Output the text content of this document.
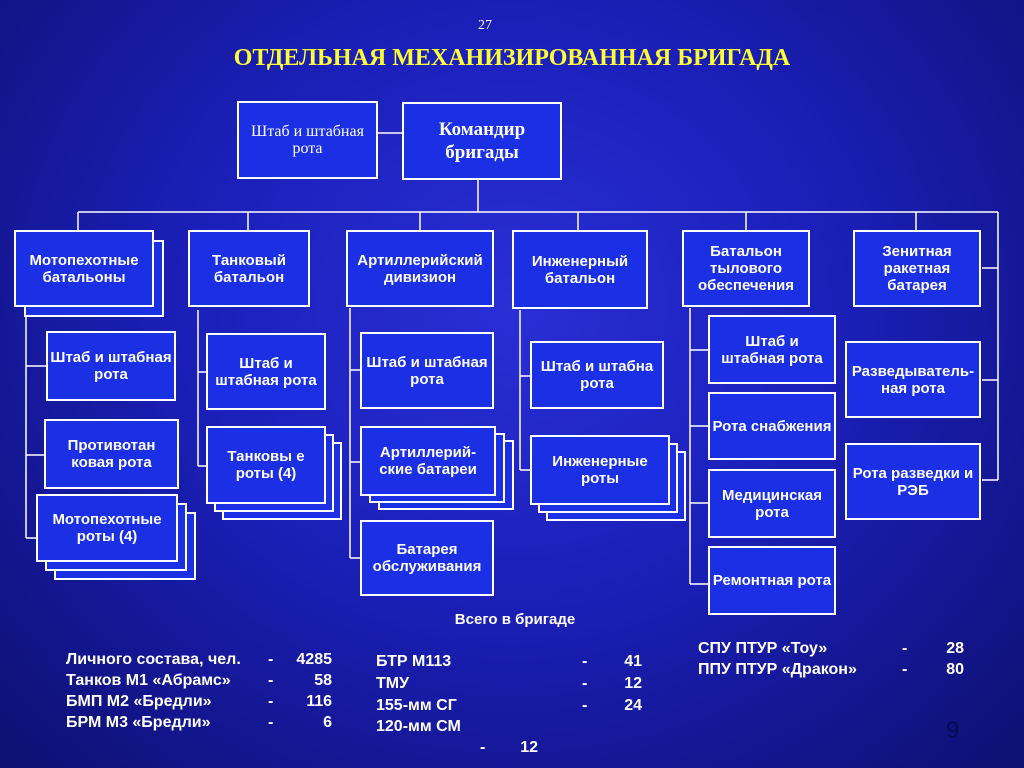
27
ОТДЕЛЬНАЯ МЕХАНИЗИРОВАННАЯ БРИГАДА
Штаб и штабная рота
Командир бригады
Мотопехотные батальоны
Танковый батальон
Артиллерийский дивизион
Инженерный батальон
Батальон тылового обеспечения
Зенитная ракетная батарея
Штаб и штабная рота
Противотан ковая рота
Мотопехотные роты (4)
Штаб и штабная рота
Танковы е роты (4)
Штаб и штабная рота
Артиллерий-ские батареи
Батарея обслуживания
Штаб и штабна рота
Инженерные роты
Штаб и штабная рота
Рота снабжения
Медицинская рота
Ремонтная рота
Разведыватель-ная рота
Рота разведки и РЭБ
Всего в бригаде
Личного состава, чел. -	4285
Танков М1 «Абрамс» -	58
БМП М2 «Бредли»	-	116
БРМ М3 «Бредли»	-	6
БТР М113	-	41
ТМУ	-	12
155-мм СГ	-	24
120-мм СМ
-	12
СПУ ПТУР «Тоу»	-	28
ППУ ПТУР «Дракон»	-	80
9
